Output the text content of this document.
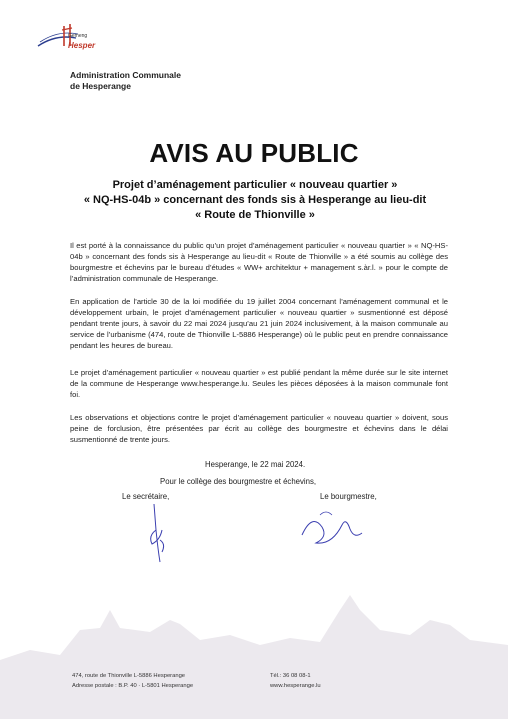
Gemeng
Hesper
Administration Communale
de Hesperange
AVIS AU PUBLIC
Projet d’aménagement particulier « nouveau quartier »
« NQ-HS-04b » concernant des fonds sis à Hesperange au lieu-dit
« Route de Thionville »
Il est porté à la connaissance du public qu’un projet d’aménagement particulier « nouveau quartier » « NQ-HS-04b » concernant des fonds sis à Hesperange au lieu-dit « Route de Thionville » a été soumis au collège des bourgmestre et échevins par le bureau d’études « WW+ architektur + management s.àr.l. » pour le compte de l’administration communale de Hesperange.
En application de l’article 30 de la loi modifiée du 19 juillet 2004 concernant l’aménagement communal et le développement urbain, le projet d’aménagement particulier « nouveau quartier » susmentionné est déposé pendant trente jours, à savoir du 22 mai 2024 jusqu’au 21 juin 2024 inclusivement, à la maison communale au service de l’urbanisme (474, route de Thionville L-5886 Hesperange) où le public peut en prendre connaissance pendant les heures de bureau.
Le projet d’aménagement particulier « nouveau quartier » est publié pendant la même durée sur le site internet de la commune de Hesperange www.hesperange.lu. Seules les pièces déposées à la maison communale font foi.
Les observations et objections contre le projet d’aménagement particulier « nouveau quartier » doivent, sous peine de forclusion, être présentées par écrit au collège des bourgmestre et échevins dans le délai susmentionné de trente jours.
Hesperange, le 22 mai 2024.
Pour le collège des bourgmestre et échevins,
Le secrétaire,	Le bourgmestre,
474, route de Thionville L-5886 Hesperange
Adresse postale : B.P. 40 · L-5801 Hesperange
Tél.: 36 08 08-1
www.hesperange.lu
